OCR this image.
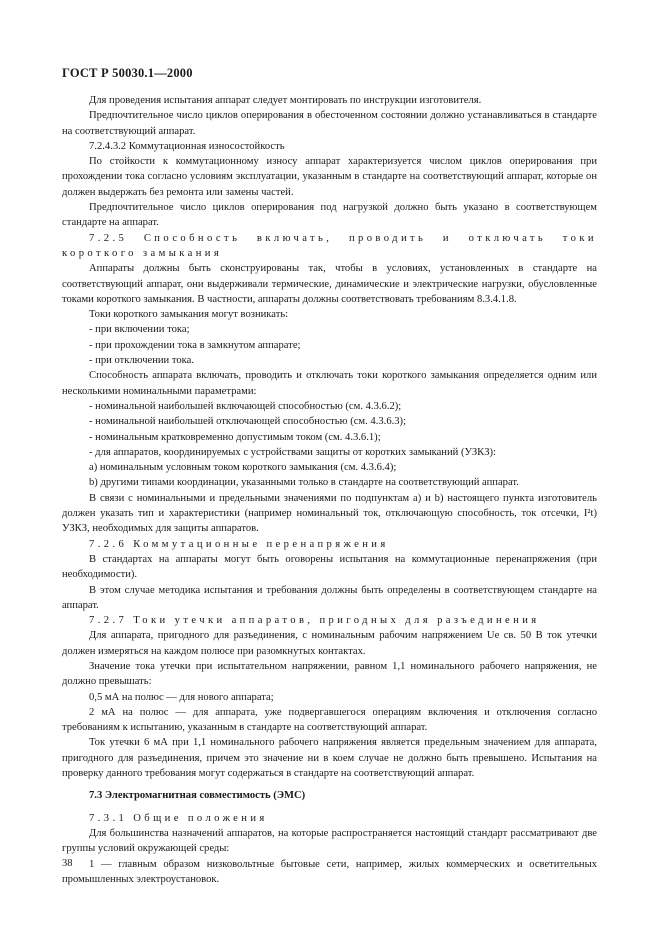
ГОСТ Р 50030.1—2000

Для проведения испытания аппарат следует монтировать по инструкции изготовителя.

Предпочтительное число циклов оперирования в обесточенном состоянии должно устанавливаться в стандарте на соответствующий аппарат.

7.2.4.3.2 Коммутационная износостойкость

По стойкости к коммутационному износу аппарат характеризуется числом циклов оперирования при прохождении тока согласно условиям эксплуатации, указанным в стандарте на соответствующий аппарат, которые он должен выдержать без ремонта или замены частей.

Предпочтительное число циклов оперирования под нагрузкой должно быть указано в соответствующем стандарте на аппарат.

7.2.5 Способность включать, проводить и отключать токи короткого замыкания

Аппараты должны быть сконструированы так, чтобы в условиях, установленных в стандарте на соответствующий аппарат, они выдерживали термические, динамические и электрические нагрузки, обусловленные токами короткого замыкания. В частности, аппараты должны соответствовать требованиям 8.3.4.1.8.

Токи короткого замыкания могут возникать:

- при включении тока;

- при прохождении тока в замкнутом аппарате;

- при отключении тока.

Способность аппарата включать, проводить и отключать токи короткого замыкания определяется одним или несколькими номинальными параметрами:

- номинальной наибольшей включающей способностью (см. 4.3.6.2);

- номинальной наибольшей отключающей способностью (см. 4.3.6.3);

- номинальным кратковременно допустимым током (см. 4.3.6.1);

- для аппаратов, координируемых с устройствами защиты от коротких замыканий (УЗКЗ):

а) номинальным условным током короткого замыкания (см. 4.3.6.4);

b) другими типами координации, указанными только в стандарте на соответствующий аппарат.

В связи с номинальными и предельными значениями по подпунктам а) и b) настоящего пункта изготовитель должен указать тип и характеристики (например номинальный ток, отключающую способность, ток отсечки, I²t) УЗКЗ, необходимых для защиты аппаратов.

7.2.6 Коммутационные перенапряжения

В стандартах на аппараты могут быть оговорены испытания на коммутационные перенапряжения (при необходимости).

В этом случае методика испытания и требования должны быть определены в соответствующем стандарте на аппарат.

7.2.7 Токи утечки аппаратов, пригодных для разъединения

Для аппарата, пригодного для разъединения, с номинальным рабочим напряжением Ue св. 50 В ток утечки должен измеряться на каждом полюсе при разомкнутых контактах.

Значение тока утечки при испытательном напряжении, равном 1,1 номинального рабочего напряжения, не должно превышать:

0,5 мА на полюс — для нового аппарата;

2 мА на полюс — для аппарата, уже подвергавшегося операциям включения и отключения согласно требованиям к испытанию, указанным в стандарте на соответствующий аппарат.

Ток утечки 6 мА при 1,1 номинального рабочего напряжения является предельным значением для аппарата, пригодного для разъединения, причем это значение ни в коем случае не должно быть превышено. Испытания на проверку данного требования могут содержаться в стандарте на соответствующий аппарат.

7.3 Электромагнитная совместимость (ЭМС)

7.3.1 Общие положения

Для большинства назначений аппаратов, на которые распространяется настоящий стандарт рассматривают две группы условий окружающей среды:

1 — главным образом низковольтные бытовые сети, например, жилых коммерческих и осветительных промышленных электроустановок.

38
